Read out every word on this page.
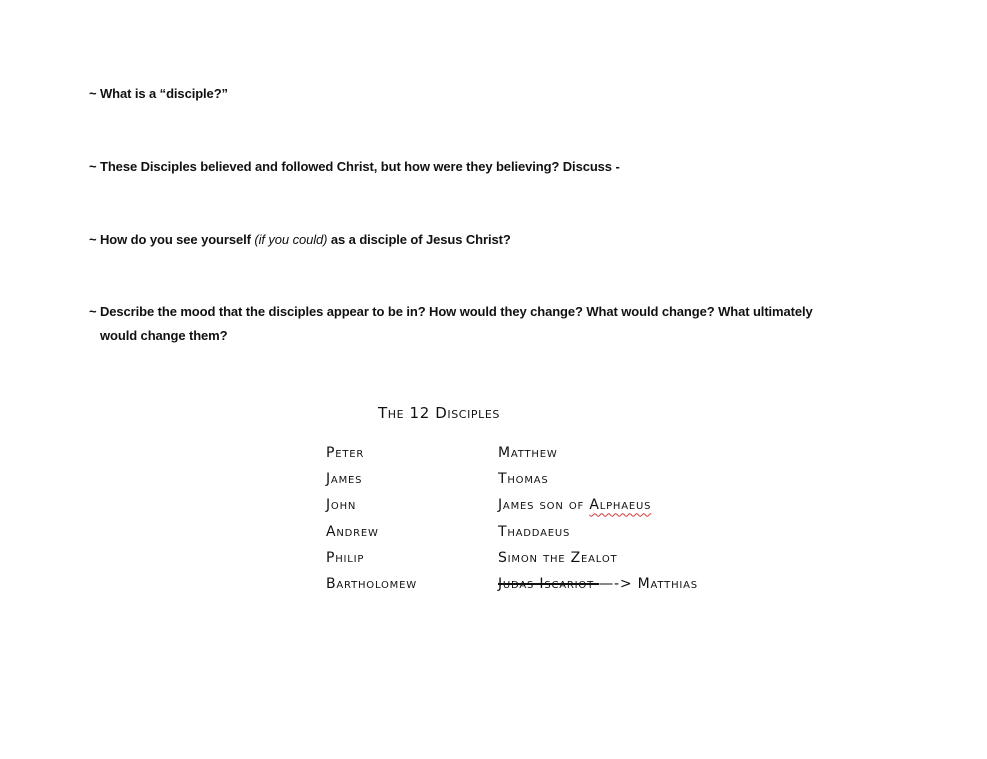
~ What is a “disciple?”
~ These Disciples believed and followed Christ, but how were they believing? Discuss -
~ How do you see yourself (if you could) as a disciple of Jesus Christ?
~ Describe the mood that the disciples appear to be in? How would they change? What would change? What ultimately
would change them?
The 12 Disciples
Peter
James
John
Andrew
Philip
Bartholomew
Matthew
Thomas
James son of Alphaeus
Thaddaeus
Simon the Zealot
Judas Iscariot —-> Matthias
